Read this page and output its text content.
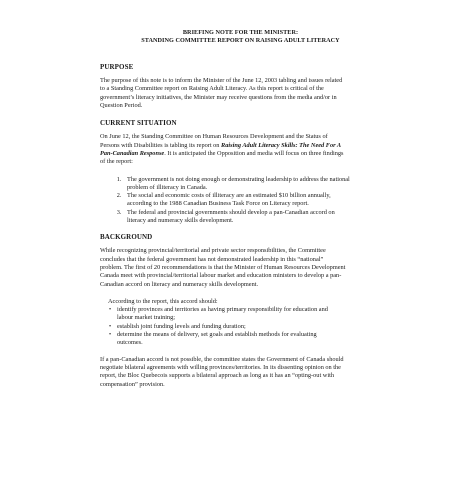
BRIEFING NOTE FOR THE MINISTER:
STANDING COMMITTEE REPORT ON RAISING ADULT LITERACY
PURPOSE

The purpose of this note is to inform the Minister of the June 12, 2003 tabling and issues related
to a Standing Committee report on Raising Adult Literacy. As this report is critical of the
government’s literacy initiatives, the Minister may receive questions from the media and/or in
Question Period.

CURRENT SITUATION

On June 12, the Standing Committee on Human Resources Development and the Status of
Persons with Disabilities is tabling its report on Raising Adult Literacy Skills: The Need For A
Pan-Canadian Response. It is anticipated the Opposition and media will focus on three findings
of the report:

1. The government is not doing enough or demonstrating leadership to address the national
problem of illiteracy in Canada.
2. The social and economic costs of illiteracy are an estimated $10 billion annually,
according to the 1988 Canadian Business Task Force on Literacy report.
3. The federal and provincial governments should develop a pan-Canadian accord on
literacy and numeracy skills development.
BACKGROUND

While recognizing provincial/territorial and private sector responsibilities, the Committee
concludes that the federal government has not demonstrated leadership in this “national”
problem. The first of 20 recommendations is that the Minister of Human Resources Development
Canada meet with provincial/territorial labour market and education ministers to develop a pan-
Canadian accord on literacy and numeracy skills development.

According to the report, this accord should:

• identify provinces and territories as having primary responsibility for education and
labour market training;
• establish joint funding levels and funding duration;
• determine the means of delivery, set goals and establish methods for evaluating
outcomes.

If a pan-Canadian accord is not possible, the committee states the Government of Canada should
negotiate bilateral agreements with willing provinces/territories. In its dissenting opinion on the
report, the Bloc Quebecois supports a bilateral approach as long as it has an “opting-out with
compensation” provision.
